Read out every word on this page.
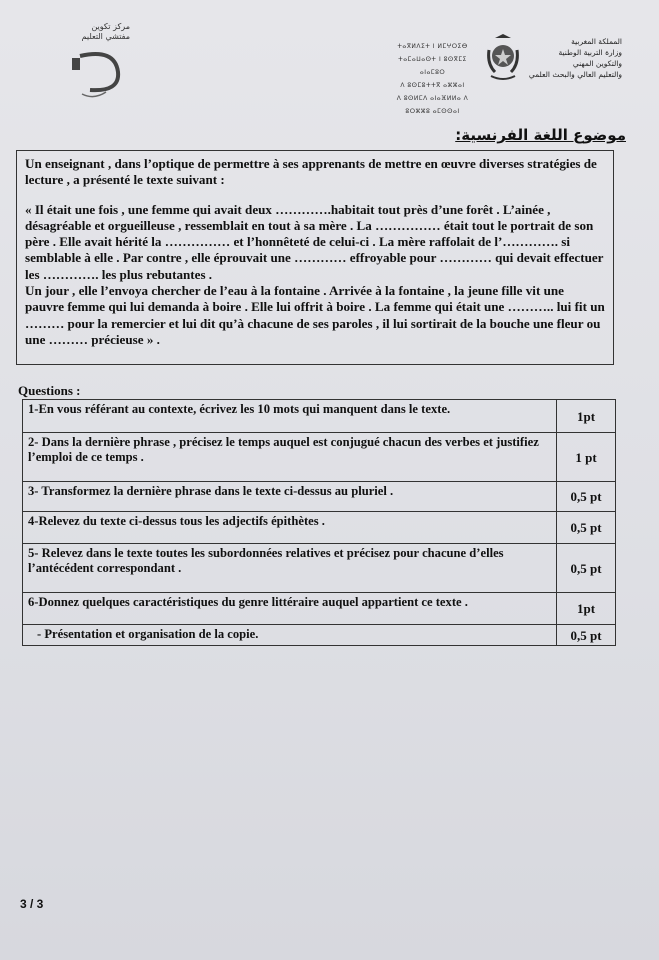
مركز تكوين
مفتشي التعليم
ⵜⴰⴳⵍⴷⵉⵜ ⵏ ⵍⵎⵖⵔⵉⴱ
ⵜⴰⵎⴰⵡⴰⵙⵜ ⵏ ⵓⵙⴳⵎⵉ ⴰⵏⴰⵎⵓⵔ
ⴷ ⵓⵙⵎⵓⵜⵜⴳ ⴰⵣⵣⴰⵏ
ⴷ ⵓⵙⵍⵎⴷ ⴰⵏⴰⴼⵍⵍⴰ ⴷ ⵓⵔⵣⵣⵓ ⴰⵎⵙⵙⴰⵏ
المملكة المغربية
وزارة التربية الوطنية
والتكوين المهني
والتعليم العالي والبحث العلمي
موضوع اللغة الفرنسية:

Un enseignant , dans l’optique de permettre à ses apprenants de mettre en œuvre diverses stratégies de lecture , a présenté le texte suivant :

« Il était une fois , une femme qui avait deux ………….habitait tout près d’une forêt . L’ainée , désagréable et orgueilleuse , ressemblait en tout à sa mère . La …………… était tout le portrait de son père . Elle avait hérité la …………… et l’honnêteté de celui-ci . La mère raffolait de l’…………. si semblable à elle . Par contre , elle éprouvait une ………… effroyable pour ………… qui devait effectuer les …………. les plus rebutantes .

Un jour , elle l’envoya chercher de l’eau à la fontaine . Arrivée à la fontaine , la jeune fille vit une pauvre femme qui lui demanda à boire . Elle lui offrit à boire . La femme qui était une ……….. lui fit un ……… pour la remercier et lui dit qu’à chacune de ses paroles , il lui sortirait de la bouche une fleur ou une ……… précieuse » .

Questions :
1-En vous référant au contexte, écrivez les 10 mots qui manquent dans le texte.	1pt
2- Dans la dernière phrase , précisez le temps auquel est conjugué chacun des verbes et justifiez l’emploi de ce temps .	1 pt
3- Transformez la dernière phrase dans le texte ci-dessus au pluriel .	0,5 pt
4-Relevez du texte ci-dessus tous les adjectifs épithètes .	0,5 pt
5- Relevez dans le texte toutes les subordonnées relatives et précisez pour chacune d’elles l’antécédent correspondant .	0,5 pt
6-Donnez quelques caractéristiques du genre littéraire auquel appartient ce texte .	1pt
- Présentation et organisation de la copie.	0,5 pt
3 / 3
